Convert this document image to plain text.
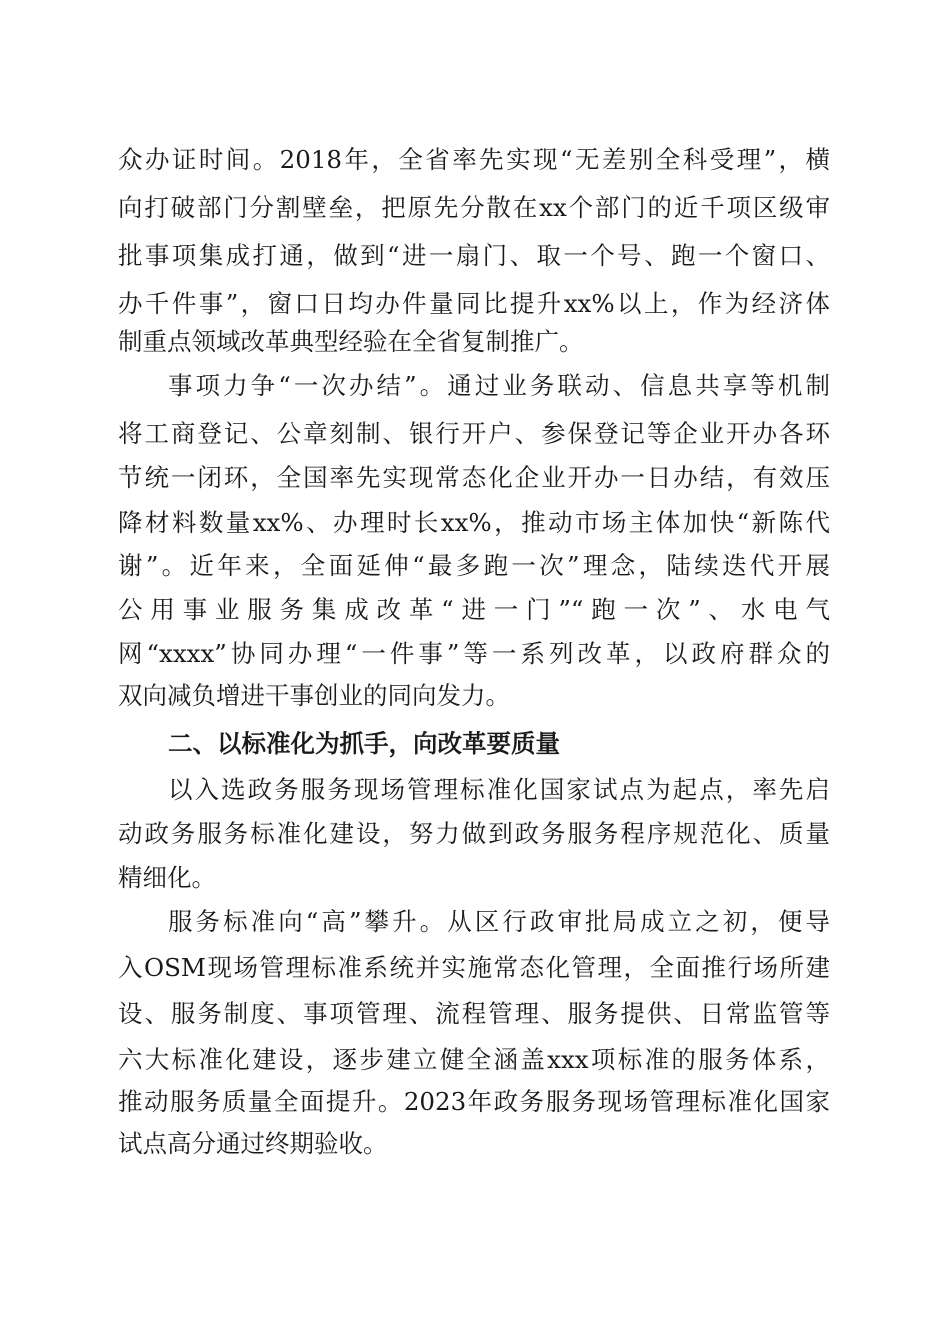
众办证时间。2018年，全省率先实现“无差别全科受理”，横
向打破部门分割壁垒，把原先分散在xx个部门的近千项区级审
批事项集成打通，做到“进一扇门、取一个号、跑一个窗口、
办千件事”，窗口日均办件量同比提升xx%以上，作为经济体
制重点领域改革典型经验在全省复制推广。
事项力争“一次办结”。通过业务联动、信息共享等机制
将工商登记、公章刻制、银行开户、参保登记等企业开办各环
节统一闭环，全国率先实现常态化企业开办一日办结，有效压
降材料数量xx%、办理时长xx%，推动市场主体加快“新陈代
谢”。近年来，全面延伸“最多跑一次”理念，陆续迭代开展
公用事业服务集成改革“进一门”“跑一次”、水电气
网“xxxx”协同办理“一件事”等一系列改革，以政府群众的
双向减负增进干事创业的同向发力。
二、以标准化为抓手，向改革要质量
以入选政务服务现场管理标准化国家试点为起点，率先启
动政务服务标准化建设，努力做到政务服务程序规范化、质量
精细化。
服务标准向“高”攀升。从区行政审批局成立之初，便导
入OSM现场管理标准系统并实施常态化管理，全面推行场所建
设、服务制度、事项管理、流程管理、服务提供、日常监管等
六大标准化建设，逐步建立健全涵盖xxx项标准的服务体系，
推动服务质量全面提升。2023年政务服务现场管理标准化国家
试点高分通过终期验收。
